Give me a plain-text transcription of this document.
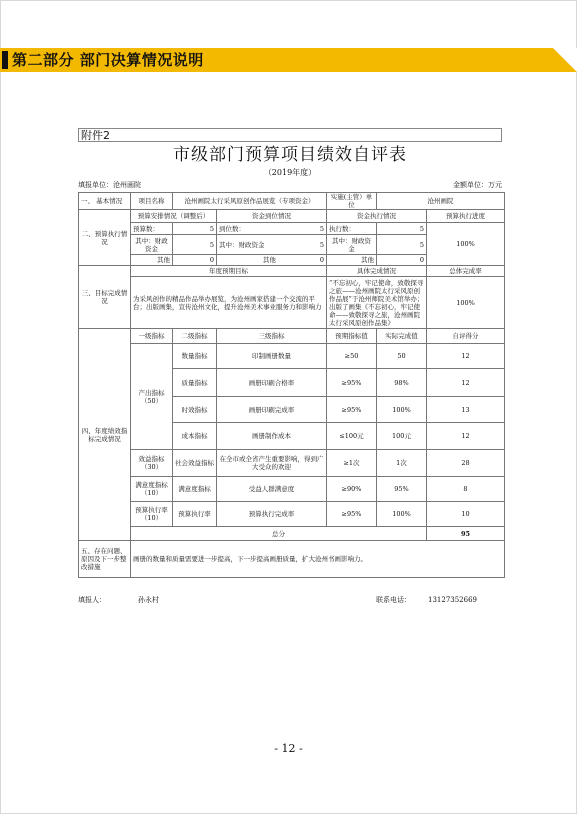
第二部分 部门决算情况说明
附件2
市级部门预算项目绩效自评表
（2019年度）
填报单位：沧州画院	金额单位：万元
一、 基本情况	项目名称	沧州画院太行采风原创作品展览（专项资金）		实施(主管）单位	沧州画院	
二、预算执行情况	预算安排情况（调整后）		资金到位情况	资金执行情况		预算执行进度
	预算数：	5	到位数： 5	执行数：	5	100%
	其中：财政资金	5	其中：财政资金 5	其中：财政资金	5	
	其他	0	其他 0	其他	0	
三、目标完成情况	年度预期目标			具体完成情况		总体完成率
	为采风创作的精品作品举办展览，为沧州画家搭建一个交流的平台；出版画集，宣传沧州文化，提升沧州美术事业服务力和影响力			“不忘初心，牢记使命，致敬探寻之旅——沧州画院太行采风原创作品展”于沧州师院美术馆举办；出版了画集《不忘初心，牢记使命——致敬探寻之旅，沧州画院太行采风原创作品集》		100%
四、年度绩效指标完成情况	一级指标	二级指标	三级指标	预期指标值	实际完成值	自评得分
	产出指标（50）	数量指标	印制画册数量	≥50	50	12
		质量指标	画册印刷合格率	≥95%	98%	12
		时效指标	画册印刷完成率	≥95%	100%	13
		成本指标	画册制作成本	≤100元	100元	12
	效益指标（30）	社会效益指标	在全市或全省产生重要影响，得到广大受众的欢迎	≥1次	1次	28
	满意度指标（10）	满意度指标	受益人群满意度	≥90%	95%	8
	预算执行率（10）	预算执行率	预算执行完成率	≥95%	100%	10
	总分					95
五、存在问题、原因及下一步整改措施	画册的数量和质量需要进一步提高，下一步提高画册质量，扩大沧州书画影响力。					
填报人：	孙永村	联系电话： 13127352669
- 12 -
